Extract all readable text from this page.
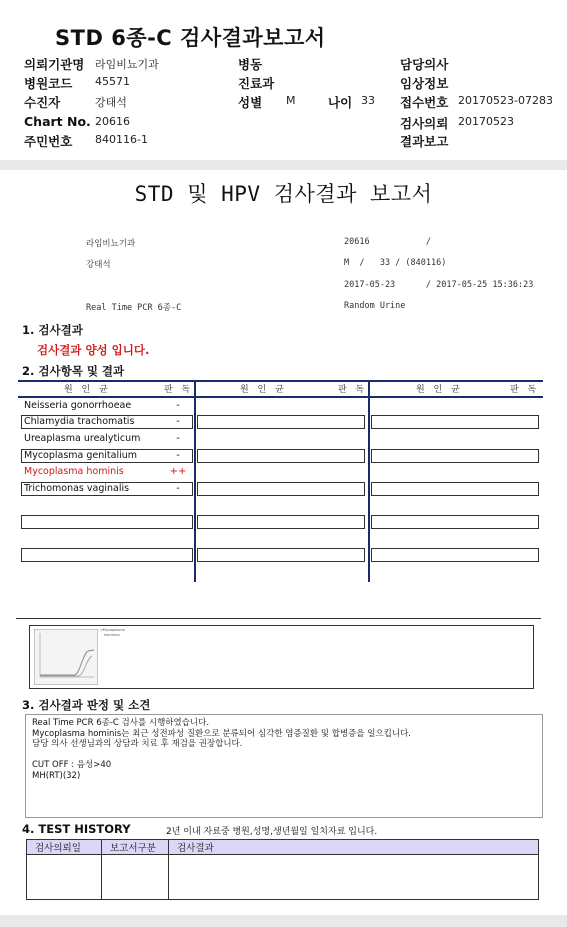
STD 6종-C 검사결과보고서
의뢰기관명 라임비뇨기과
병원코드 45571
수진자	강태석
Chart No. 20616
주민번호 840116-1
병동
진료과
성별 M	나이 33
담당의사
임상정보
접수번호 20170523-07283
검사의뢰 20170523
결과보고
STD 및 HPV 검사결과 보고서
라임비뇨기과	20616           /
강태석	M  /   33 / (840116)
2017-05-23      / 2017-05-25 15:36:23
Real Time PCR 6종-C	Random Urine
1. 검사결과
검사결과 양성 입니다.
2. 검사항목 및 결과
원 인 균	판 독	원 인 균	판 독	원 인 균	판 독
Neisseria gonorrhoeae	-
Chlamydia trachomatis	-
Ureaplasma urealyticum	-
Mycoplasma genitalium	-
Mycoplasma hominis	++
Trichomonas vaginalis	-
<Mycoplasma
hominis>
3. 검사결과 판정 및 소견
Real Time PCR 6종-C 검사를 시행하였습니다.
Mycoplasma hominis는 최근 성전파성 질환으로 분류되어 심각한 염증질환 및 합병증을 일으킵니다.
담당 의사 선생님과의 상담과 치료 후 재검을 권장합니다.
CUT OFF : 음성>40
MH(RT)(32)
4. TEST HISTORY	2년 이내 자료중 병원,성명,생년월일 일치자료 입니다.
검사의뢰일	보고서구분	검사결과
